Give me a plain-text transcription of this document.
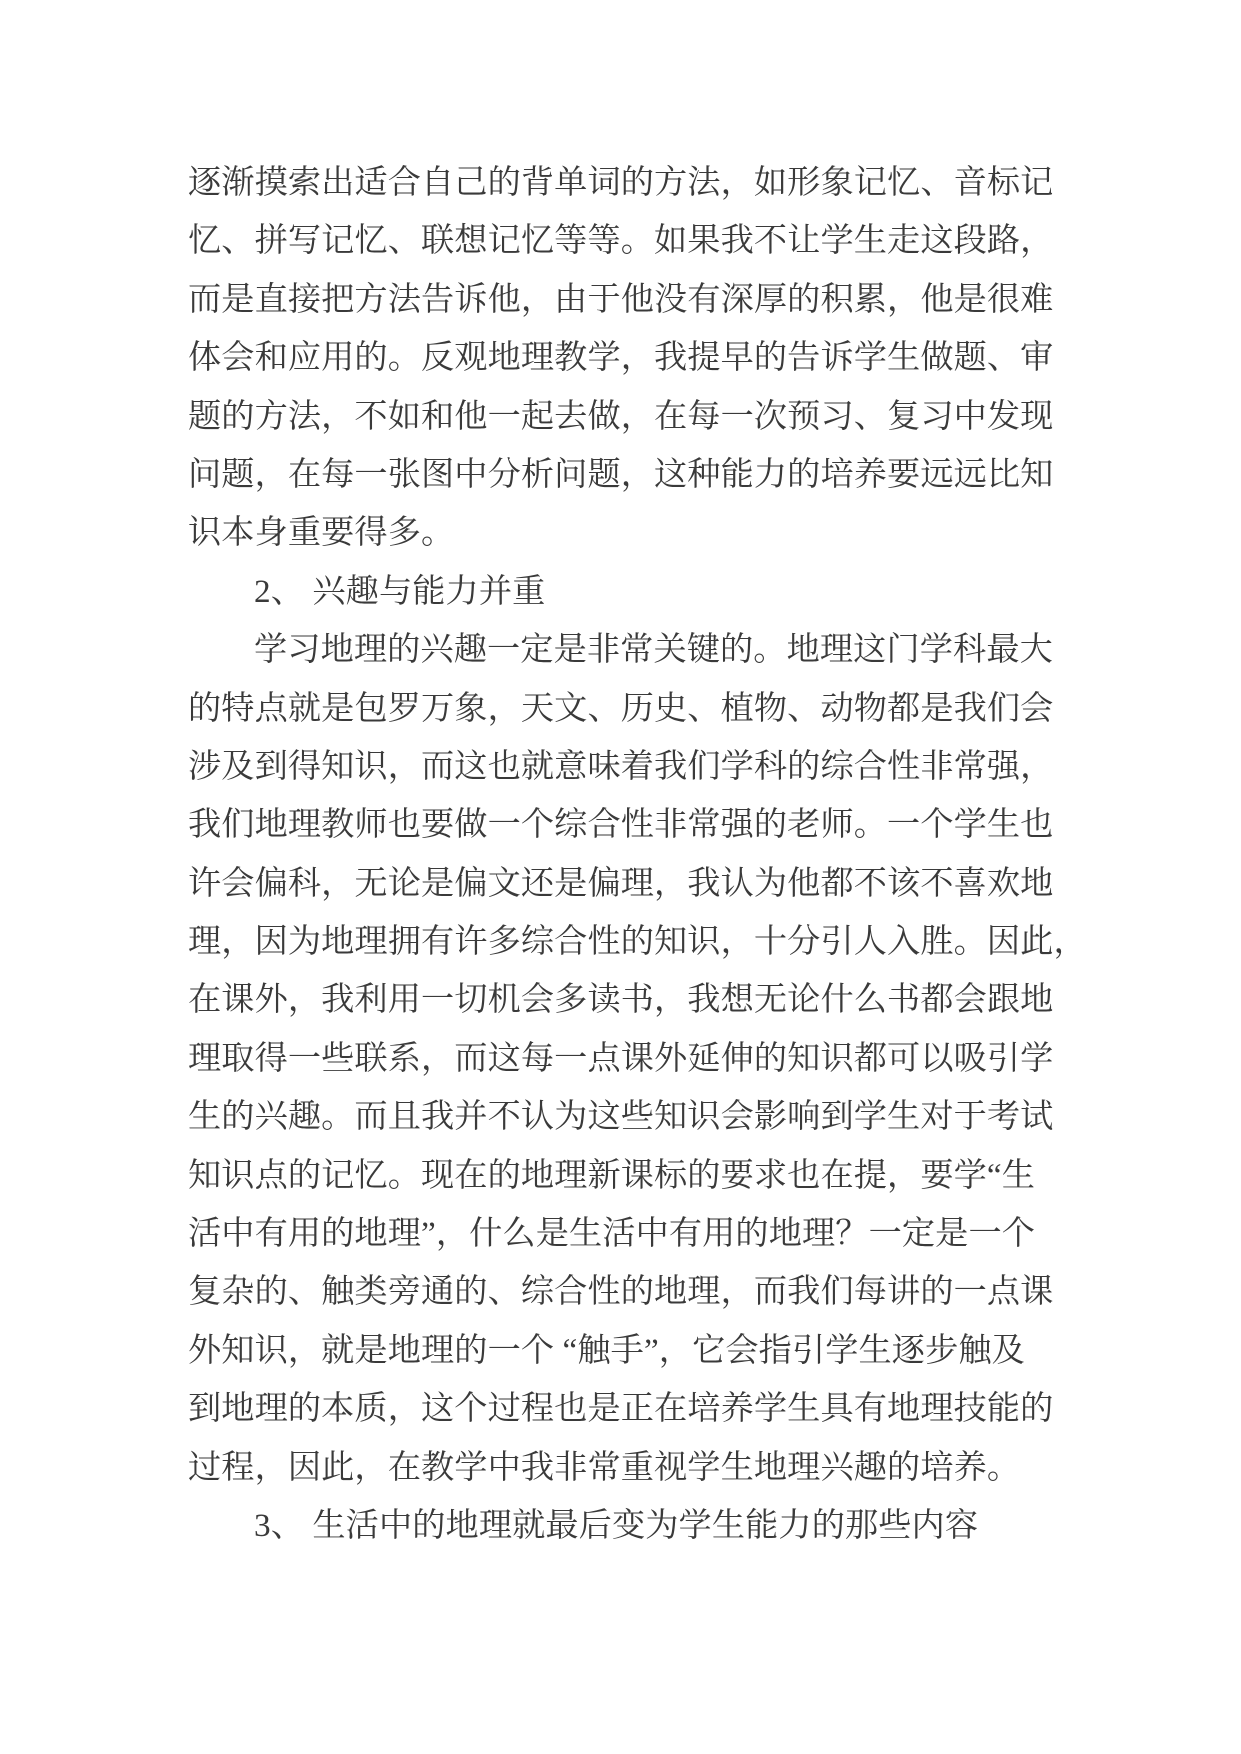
逐渐摸索出适合自己的背单词的方法，如形象记忆、音标记
忆、拼写记忆、联想记忆等等。如果我不让学生走这段路，
而是直接把方法告诉他，由于他没有深厚的积累，他是很难
体会和应用的。反观地理教学，我提早的告诉学生做题、审
题的方法，不如和他一起去做，在每一次预习、复习中发现
问题，在每一张图中分析问题，这种能力的培养要远远比知
识本身重要得多。
2、 兴趣与能力并重
学习地理的兴趣一定是非常关键的。地理这门学科最大
的特点就是包罗万象，天文、历史、植物、动物都是我们会
涉及到得知识，而这也就意味着我们学科的综合性非常强，
我们地理教师也要做一个综合性非常强的老师。一个学生也
许会偏科，无论是偏文还是偏理，我认为他都不该不喜欢地
理，因为地理拥有许多综合性的知识，十分引人入胜。因此，
在课外，我利用一切机会多读书，我想无论什么书都会跟地
理取得一些联系，而这每一点课外延伸的知识都可以吸引学
生的兴趣。而且我并不认为这些知识会影响到学生对于考试
知识点的记忆。现在的地理新课标的要求也在提，要学“生
活中有用的地理”，什么是生活中有用的地理？一定是一个
复杂的、触类旁通的、综合性的地理，而我们每讲的一点课
外知识，就是地理的一个 “触手”，它会指引学生逐步触及
到地理的本质，这个过程也是正在培养学生具有地理技能的
过程，因此，在教学中我非常重视学生地理兴趣的培养。
3、 生活中的地理就最后变为学生能力的那些内容
